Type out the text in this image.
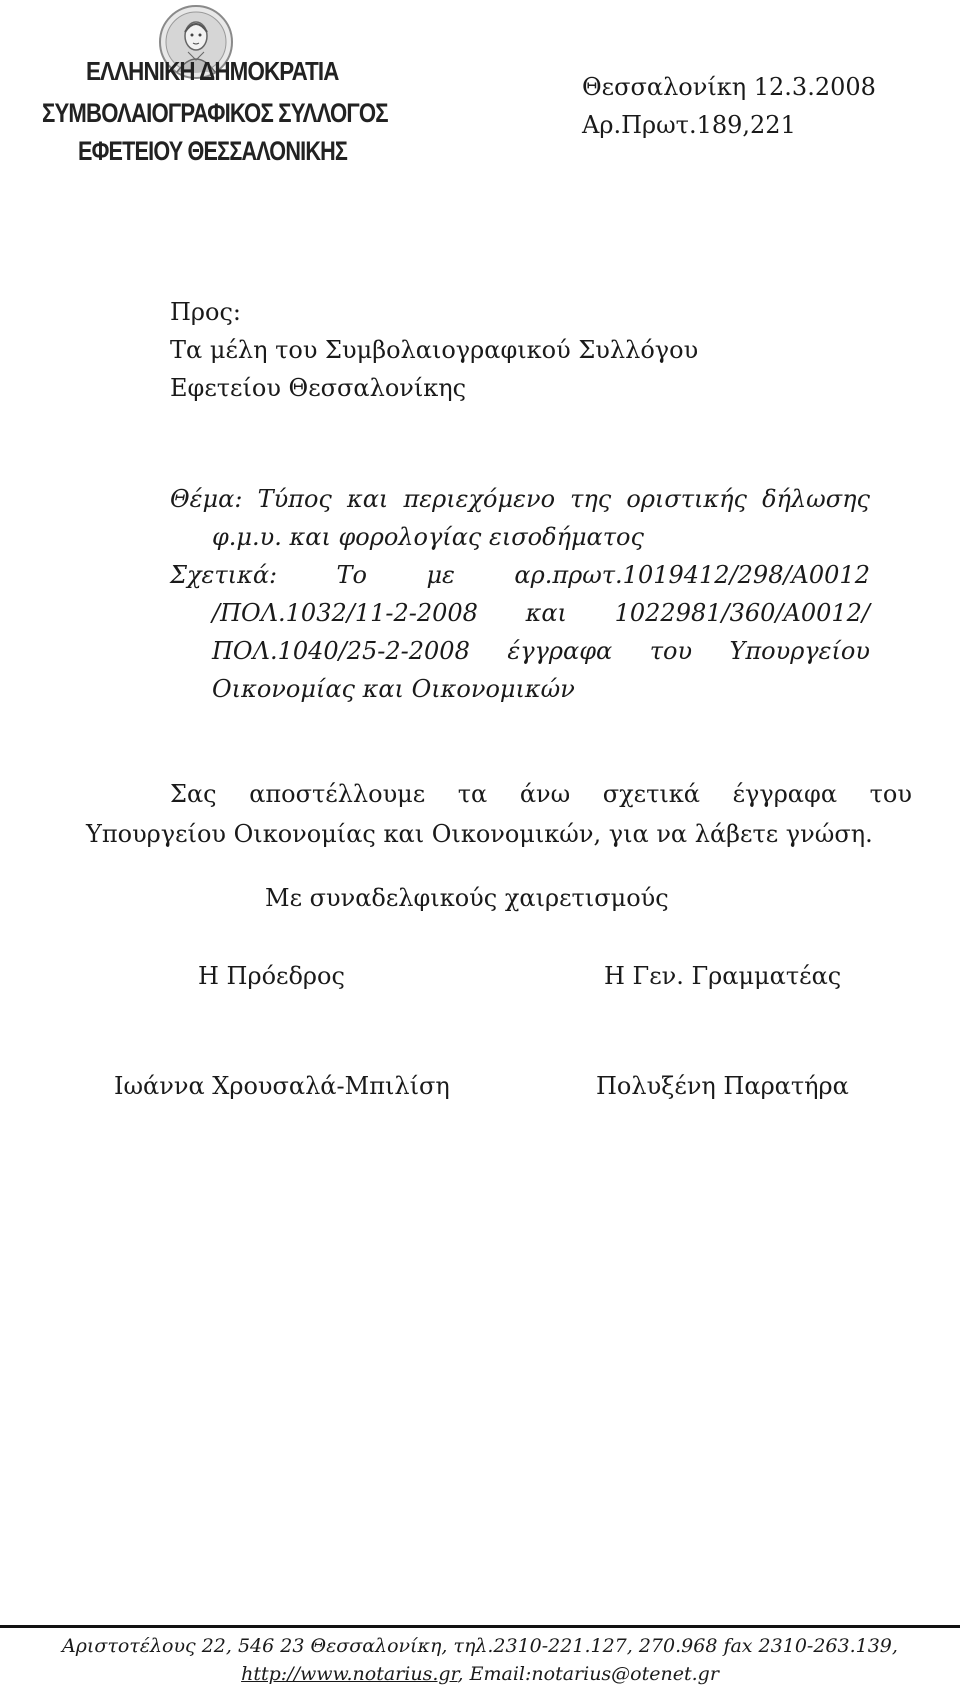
ΕΛΛΗΝΙΚΗ ΔΗΜΟΚΡΑΤΙΑ
ΣΥΜΒΟΛΑΙΟΓΡΑΦΙΚΟΣ ΣΥΛΛΟΓΟΣ
ΕΦΕΤΕΙΟΥ ΘΕΣΣΑΛΟΝΙΚΗΣ
Θεσσαλονίκη 12.3.2008
Αρ.Πρωτ.189,221
Προς:
Τα μέλη του Συμβολαιογραφικού Συλλόγου
Εφετείου Θεσσαλονίκης
Θέμα: Τύπος και περιεχόμενο της οριστικής δήλωσης
φ.μ.υ. και φορολογίας εισοδήματος
Σχετικά: Το με αρ.πρωτ.1019412/298/Α0012
/ΠΟΛ.1032/11-2-2008 και 1022981/360/Α0012/
ΠΟΛ.1040/25-2-2008 έγγραφα του Υπουργείου
Οικονομίας και Οικονομικών
Σας αποστέλλουμε τα άνω σχετικά έγγραφα του
Υπουργείου Οικονομίας και Οικονομικών, για να λάβετε γνώση.
Με συναδελφικούς χαιρετισμούς
Η Πρόεδρος	Η Γεν. Γραμματέας
Ιωάννα Χρουσαλά-Μπιλίση	Πολυξένη Παρατήρα
Αριστοτέλους 22, 546 23 Θεσσαλονίκη, τηλ.2310-221.127, 270.968 fax 2310-263.139,
http://www.notarius.gr, Email:notarius@otenet.gr
